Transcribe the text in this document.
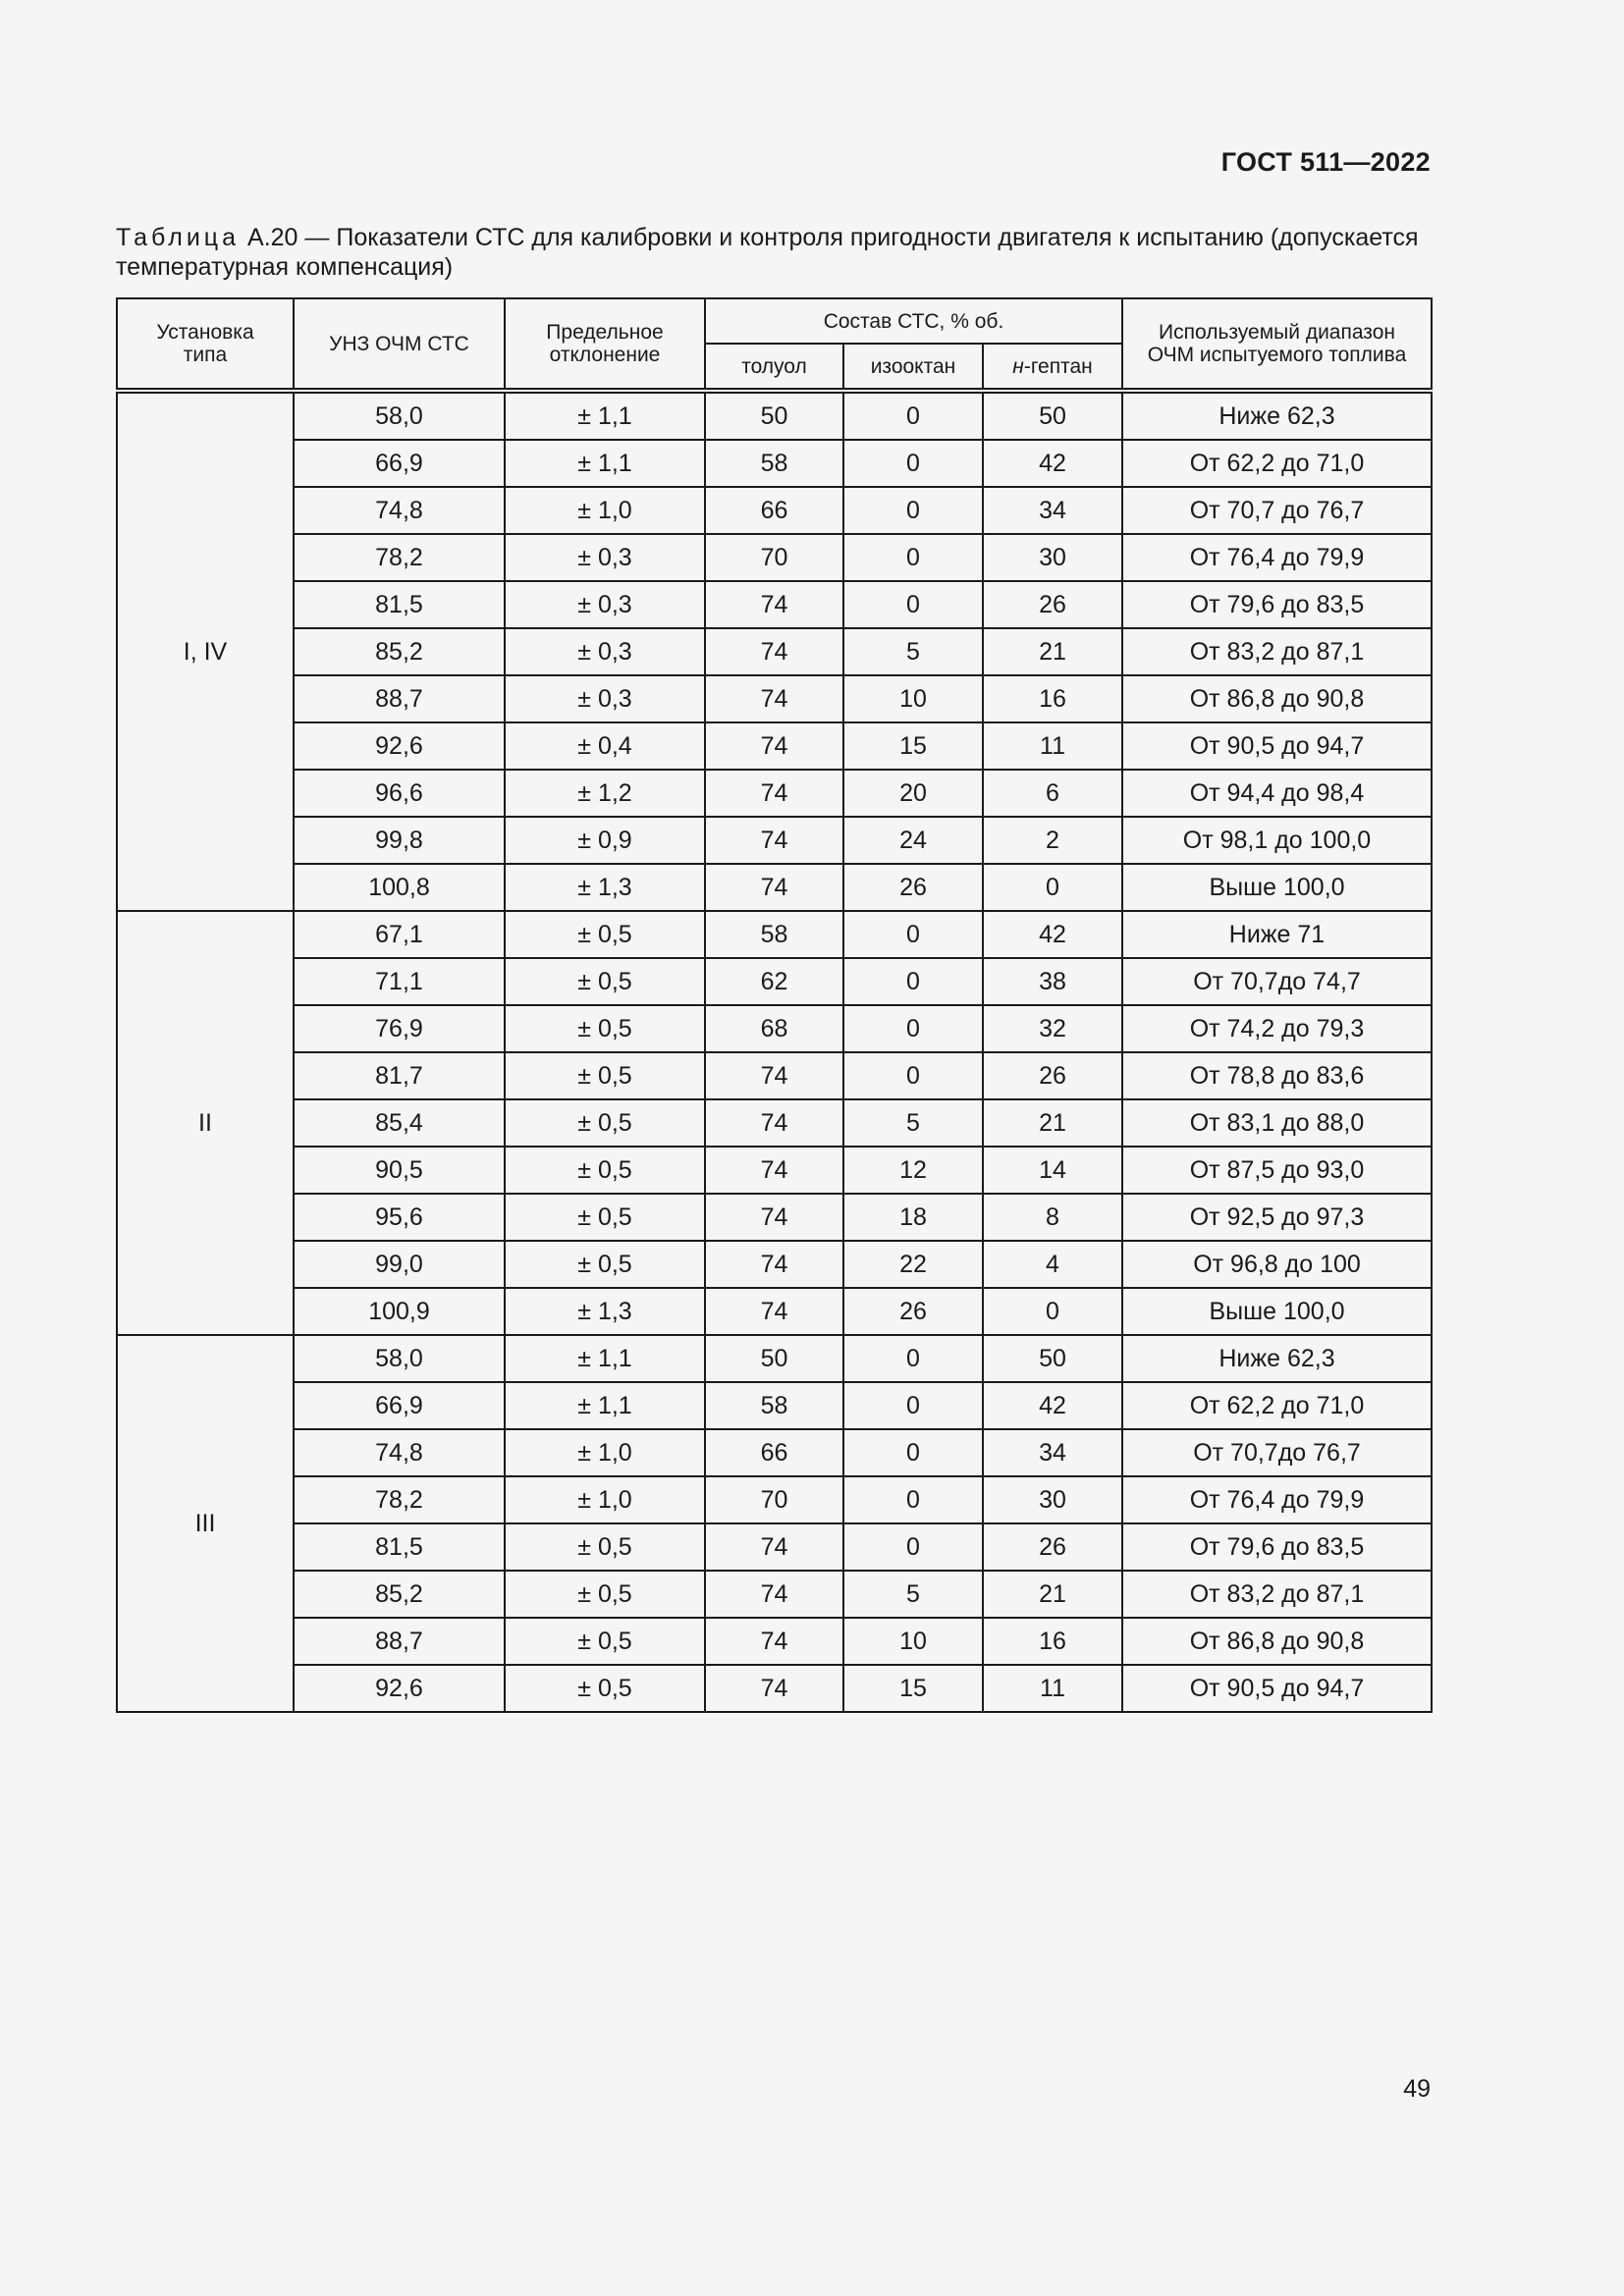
ГОСТ 511—2022
Таблица А.20 — Показатели СТС для калибровки и контроля пригодности двигателя к испытанию (допускается температурная компенсация)
Установка типа	УНЗ ОЧМ СТС	Предельное отклонение	Состав СТС, % об.			Используемый диапазон ОЧМ испытуемого топлива
			толуол	изооктан	н-гептан	
I, IV	58,0	± 1,1	50	0	50	Ниже 62,3
	66,9	± 1,1	58	0	42	От 62,2 до 71,0
	74,8	± 1,0	66	0	34	От 70,7 до 76,7
	78,2	± 0,3	70	0	30	От 76,4 до 79,9
	81,5	± 0,3	74	0	26	От 79,6 до 83,5
	85,2	± 0,3	74	5	21	От 83,2 до 87,1
	88,7	± 0,3	74	10	16	От 86,8 до 90,8
	92,6	± 0,4	74	15	11	От 90,5 до 94,7
	96,6	± 1,2	74	20	6	От 94,4 до 98,4
	99,8	± 0,9	74	24	2	От 98,1 до 100,0
	100,8	± 1,3	74	26	0	Выше 100,0
II	67,1	± 0,5	58	0	42	Ниже 71
	71,1	± 0,5	62	0	38	От 70,7до 74,7
	76,9	± 0,5	68	0	32	От 74,2 до 79,3
	81,7	± 0,5	74	0	26	От 78,8 до 83,6
	85,4	± 0,5	74	5	21	От 83,1 до 88,0
	90,5	± 0,5	74	12	14	От 87,5 до 93,0
	95,6	± 0,5	74	18	8	От 92,5 до 97,3
	99,0	± 0,5	74	22	4	От 96,8 до 100
	100,9	± 1,3	74	26	0	Выше 100,0
III	58,0	± 1,1	50	0	50	Ниже 62,3
	66,9	± 1,1	58	0	42	От 62,2 до 71,0
	74,8	± 1,0	66	0	34	От 70,7до 76,7
	78,2	± 1,0	70	0	30	От 76,4 до 79,9
	81,5	± 0,5	74	0	26	От 79,6 до 83,5
	85,2	± 0,5	74	5	21	От 83,2 до 87,1
	88,7	± 0,5	74	10	16	От 86,8 до 90,8
	92,6	± 0,5	74	15	11	От 90,5 до 94,7
49
